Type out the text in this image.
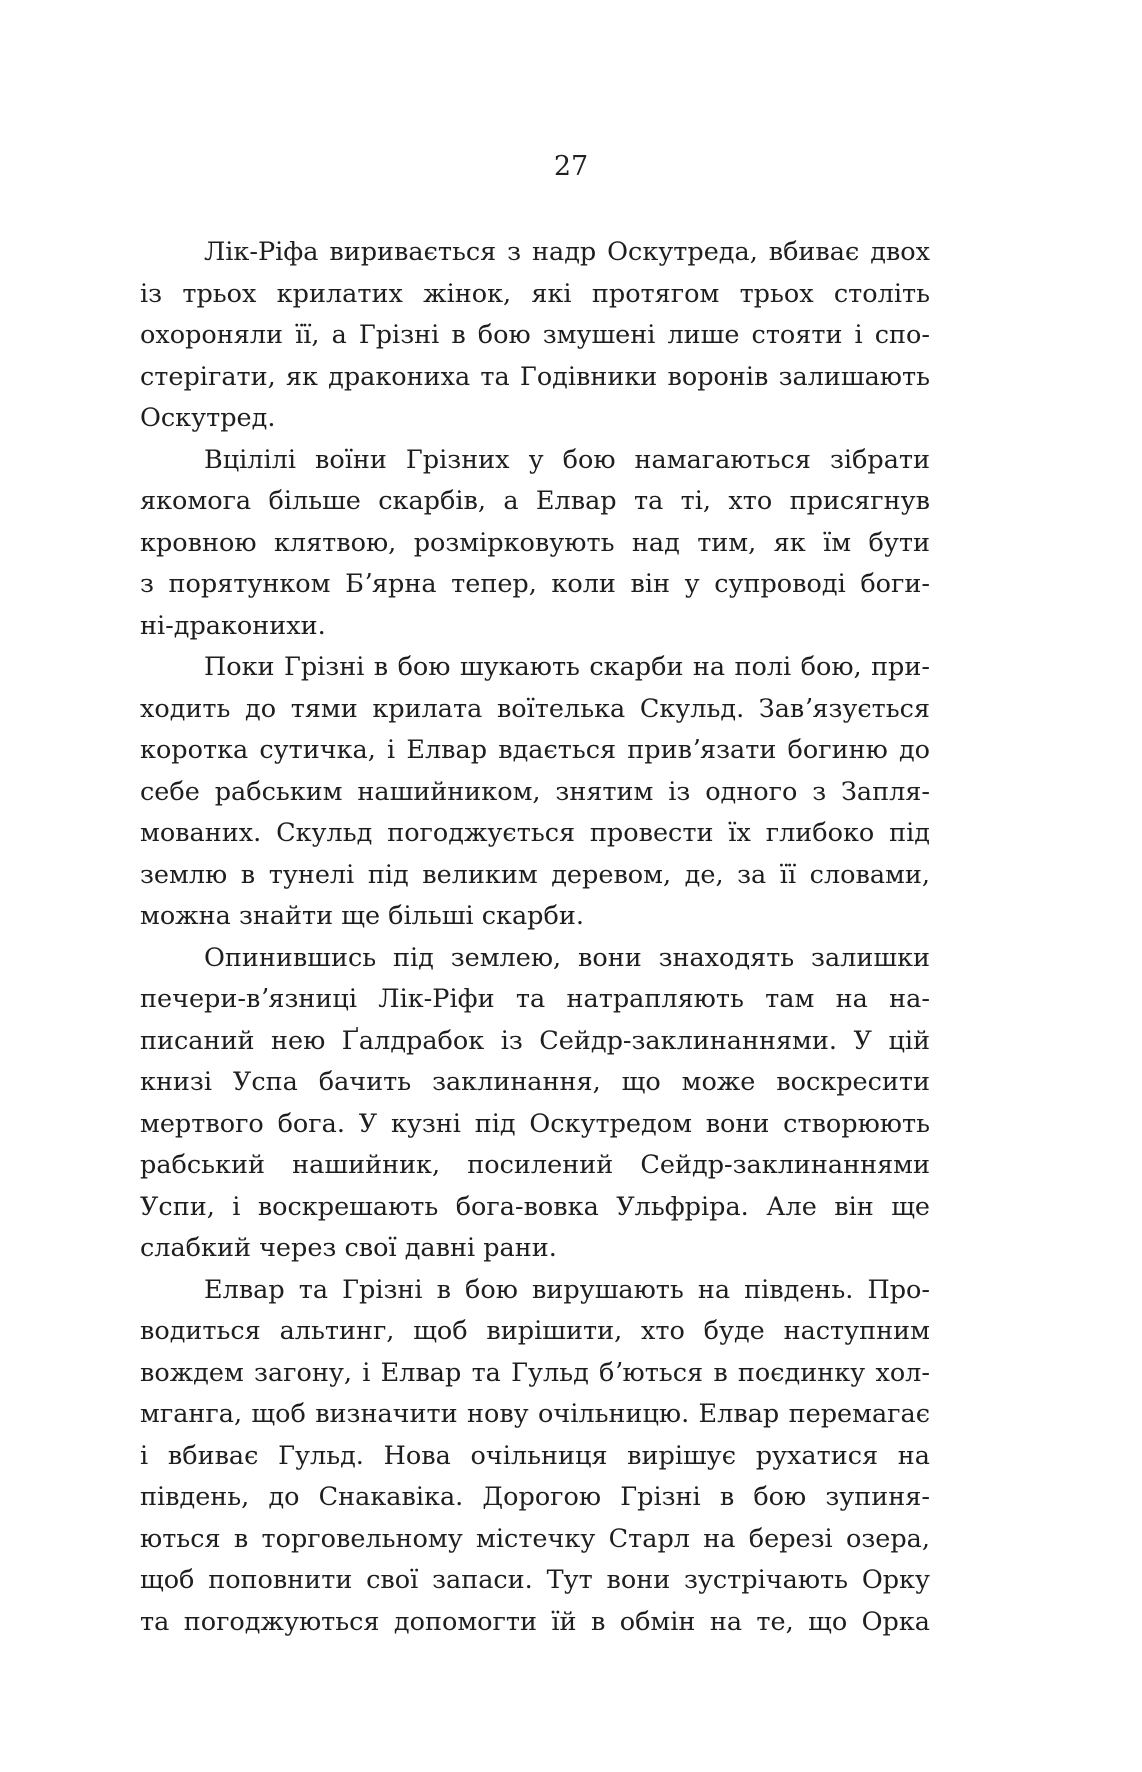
27
Лік-Ріфа виривається з надр Оскутреда, вбиває двох
із трьох крилатих жінок, які протягом трьох століть
охороняли її, а Грізні в бою змушені лише стояти і спо-
стерігати, як дракониха та Годівники воронів залишають
Оскутред.
Вцілілі воїни Грізних у бою намагаються зібрати
якомога більше скарбів, а Елвар та ті, хто присягнув
кровною клятвою, розмірковують над тим, як їм бути
з порятунком Бʼярна тепер, коли він у супроводі боги-
ні-драконихи.
Поки Грізні в бою шукають скарби на полі бою, при-
ходить до тями крилата воїтелька Скульд. Завʼязується
коротка сутичка, і Елвар вдається привʼязати богиню до
себе рабським нашийником, знятим із одного з Запля-
мованих. Скульд погоджується провести їх глибоко під
землю в тунелі під великим деревом, де, за її словами,
можна знайти ще більші скарби.
Опинившись під землею, вони знаходять залишки
печери-вʼязниці Лік-Ріфи та натрапляють там на на-
писаний нею Ґалдрабок із Сейдр-заклинаннями. У цій
книзі Успа бачить заклинання, що може воскресити
мертвого бога. У кузні під Оскутредом вони створюють
рабський нашийник, посилений Сейдр-заклинаннями
Успи, і воскрешають бога-вовка Ульфріра. Але він ще
слабкий через свої давні рани.
Елвар та Грізні в бою вирушають на південь. Про-
водиться альтинг, щоб вирішити, хто буде наступним
вождем загону, і Елвар та Гульд бʼються в поєдинку хол-
мганга, щоб визначити нову очільницю. Елвар перемагає
і вбиває Гульд. Нова очільниця вирішує рухатися на
південь, до Снакавіка. Дорогою Грізні в бою зупиня-
ються в торговельному містечку Старл на березі озера,
щоб поповнити свої запаси. Тут вони зустрічають Орку
та погоджуються допомогти їй в обмін на те, що Орка
